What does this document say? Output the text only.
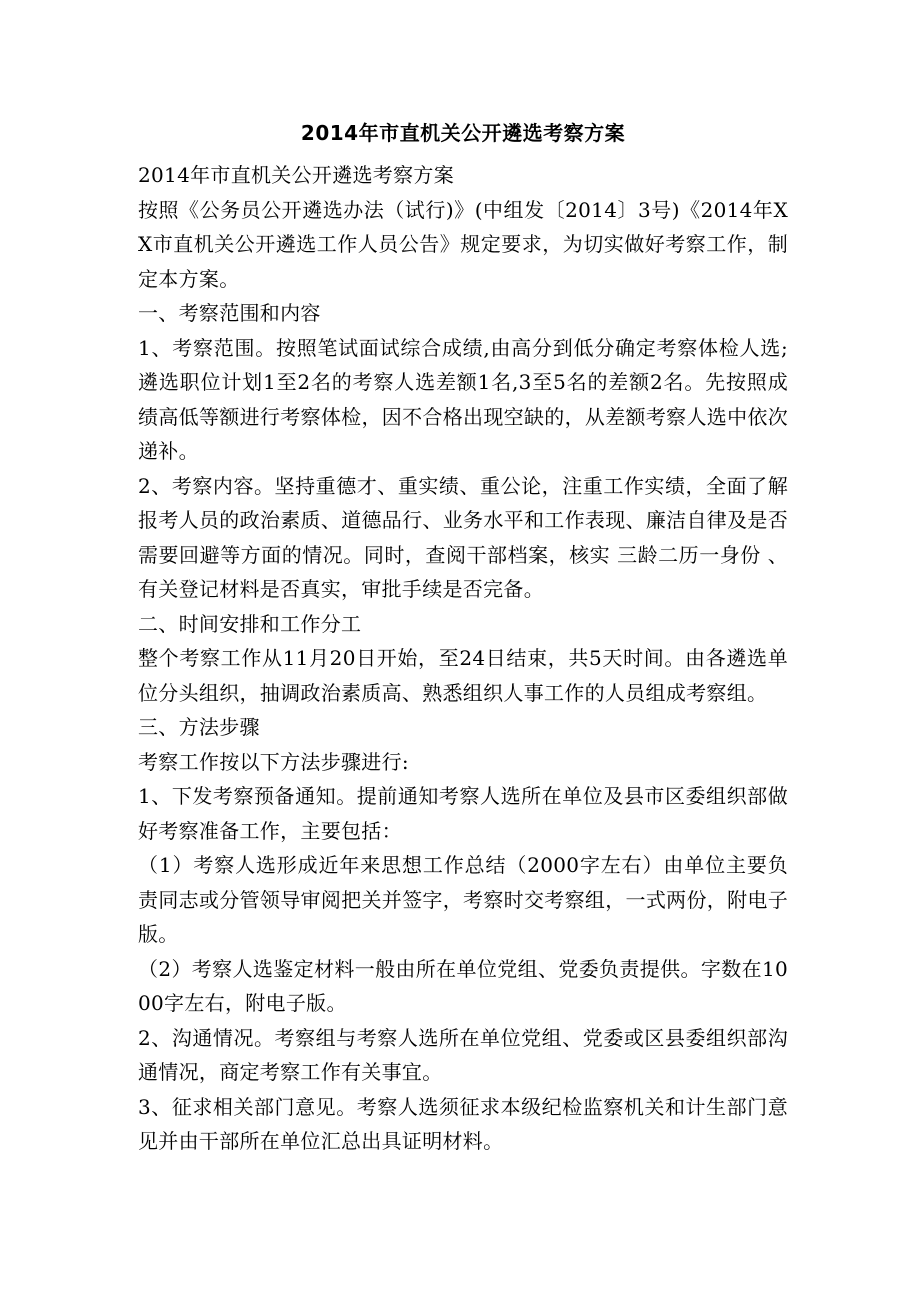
2014年市直机关公开遴选考察方案

2014年市直机关公开遴选考察方案

按照《公务员公开遴选办法（试行)》(中组发〔2014〕3号)《2014年XX市直机关公开遴选工作人员公告》规定要求，为切实做好考察工作，制定本方案。

一、考察范围和内容

1、考察范围。按照笔试面试综合成绩,由高分到低分确定考察体检人选;遴选职位计划1至2名的考察人选差额1名,3至5名的差额2名。先按照成绩高低等额进行考察体检，因不合格出现空缺的，从差额考察人选中依次递补。

2、考察内容。坚持重德才、重实绩、重公论，注重工作实绩，全面了解报考人员的政治素质、道德品行、业务水平和工作表现、廉洁自律及是否需要回避等方面的情况。同时，查阅干部档案，核实 三龄二历一身份 、有关登记材料是否真实，审批手续是否完备。

二、时间安排和工作分工

整个考察工作从11月20日开始，至24日结束，共5天时间。由各遴选单位分头组织，抽调政治素质高、熟悉组织人事工作的人员组成考察组。

三、方法步骤

考察工作按以下方法步骤进行:

1、下发考察预备通知。提前通知考察人选所在单位及县市区委组织部做好考察准备工作，主要包括：

（1）考察人选形成近年来思想工作总结（2000字左右）由单位主要负责同志或分管领导审阅把关并签字，考察时交考察组，一式两份，附电子版。

（2）考察人选鉴定材料一般由所在单位党组、党委负责提供。字数在1000字左右，附电子版。

2、沟通情况。考察组与考察人选所在单位党组、党委或区县委组织部沟通情况，商定考察工作有关事宜。

3、征求相关部门意见。考察人选须征求本级纪检监察机关和计生部门意见并由干部所在单位汇总出具证明材料。
